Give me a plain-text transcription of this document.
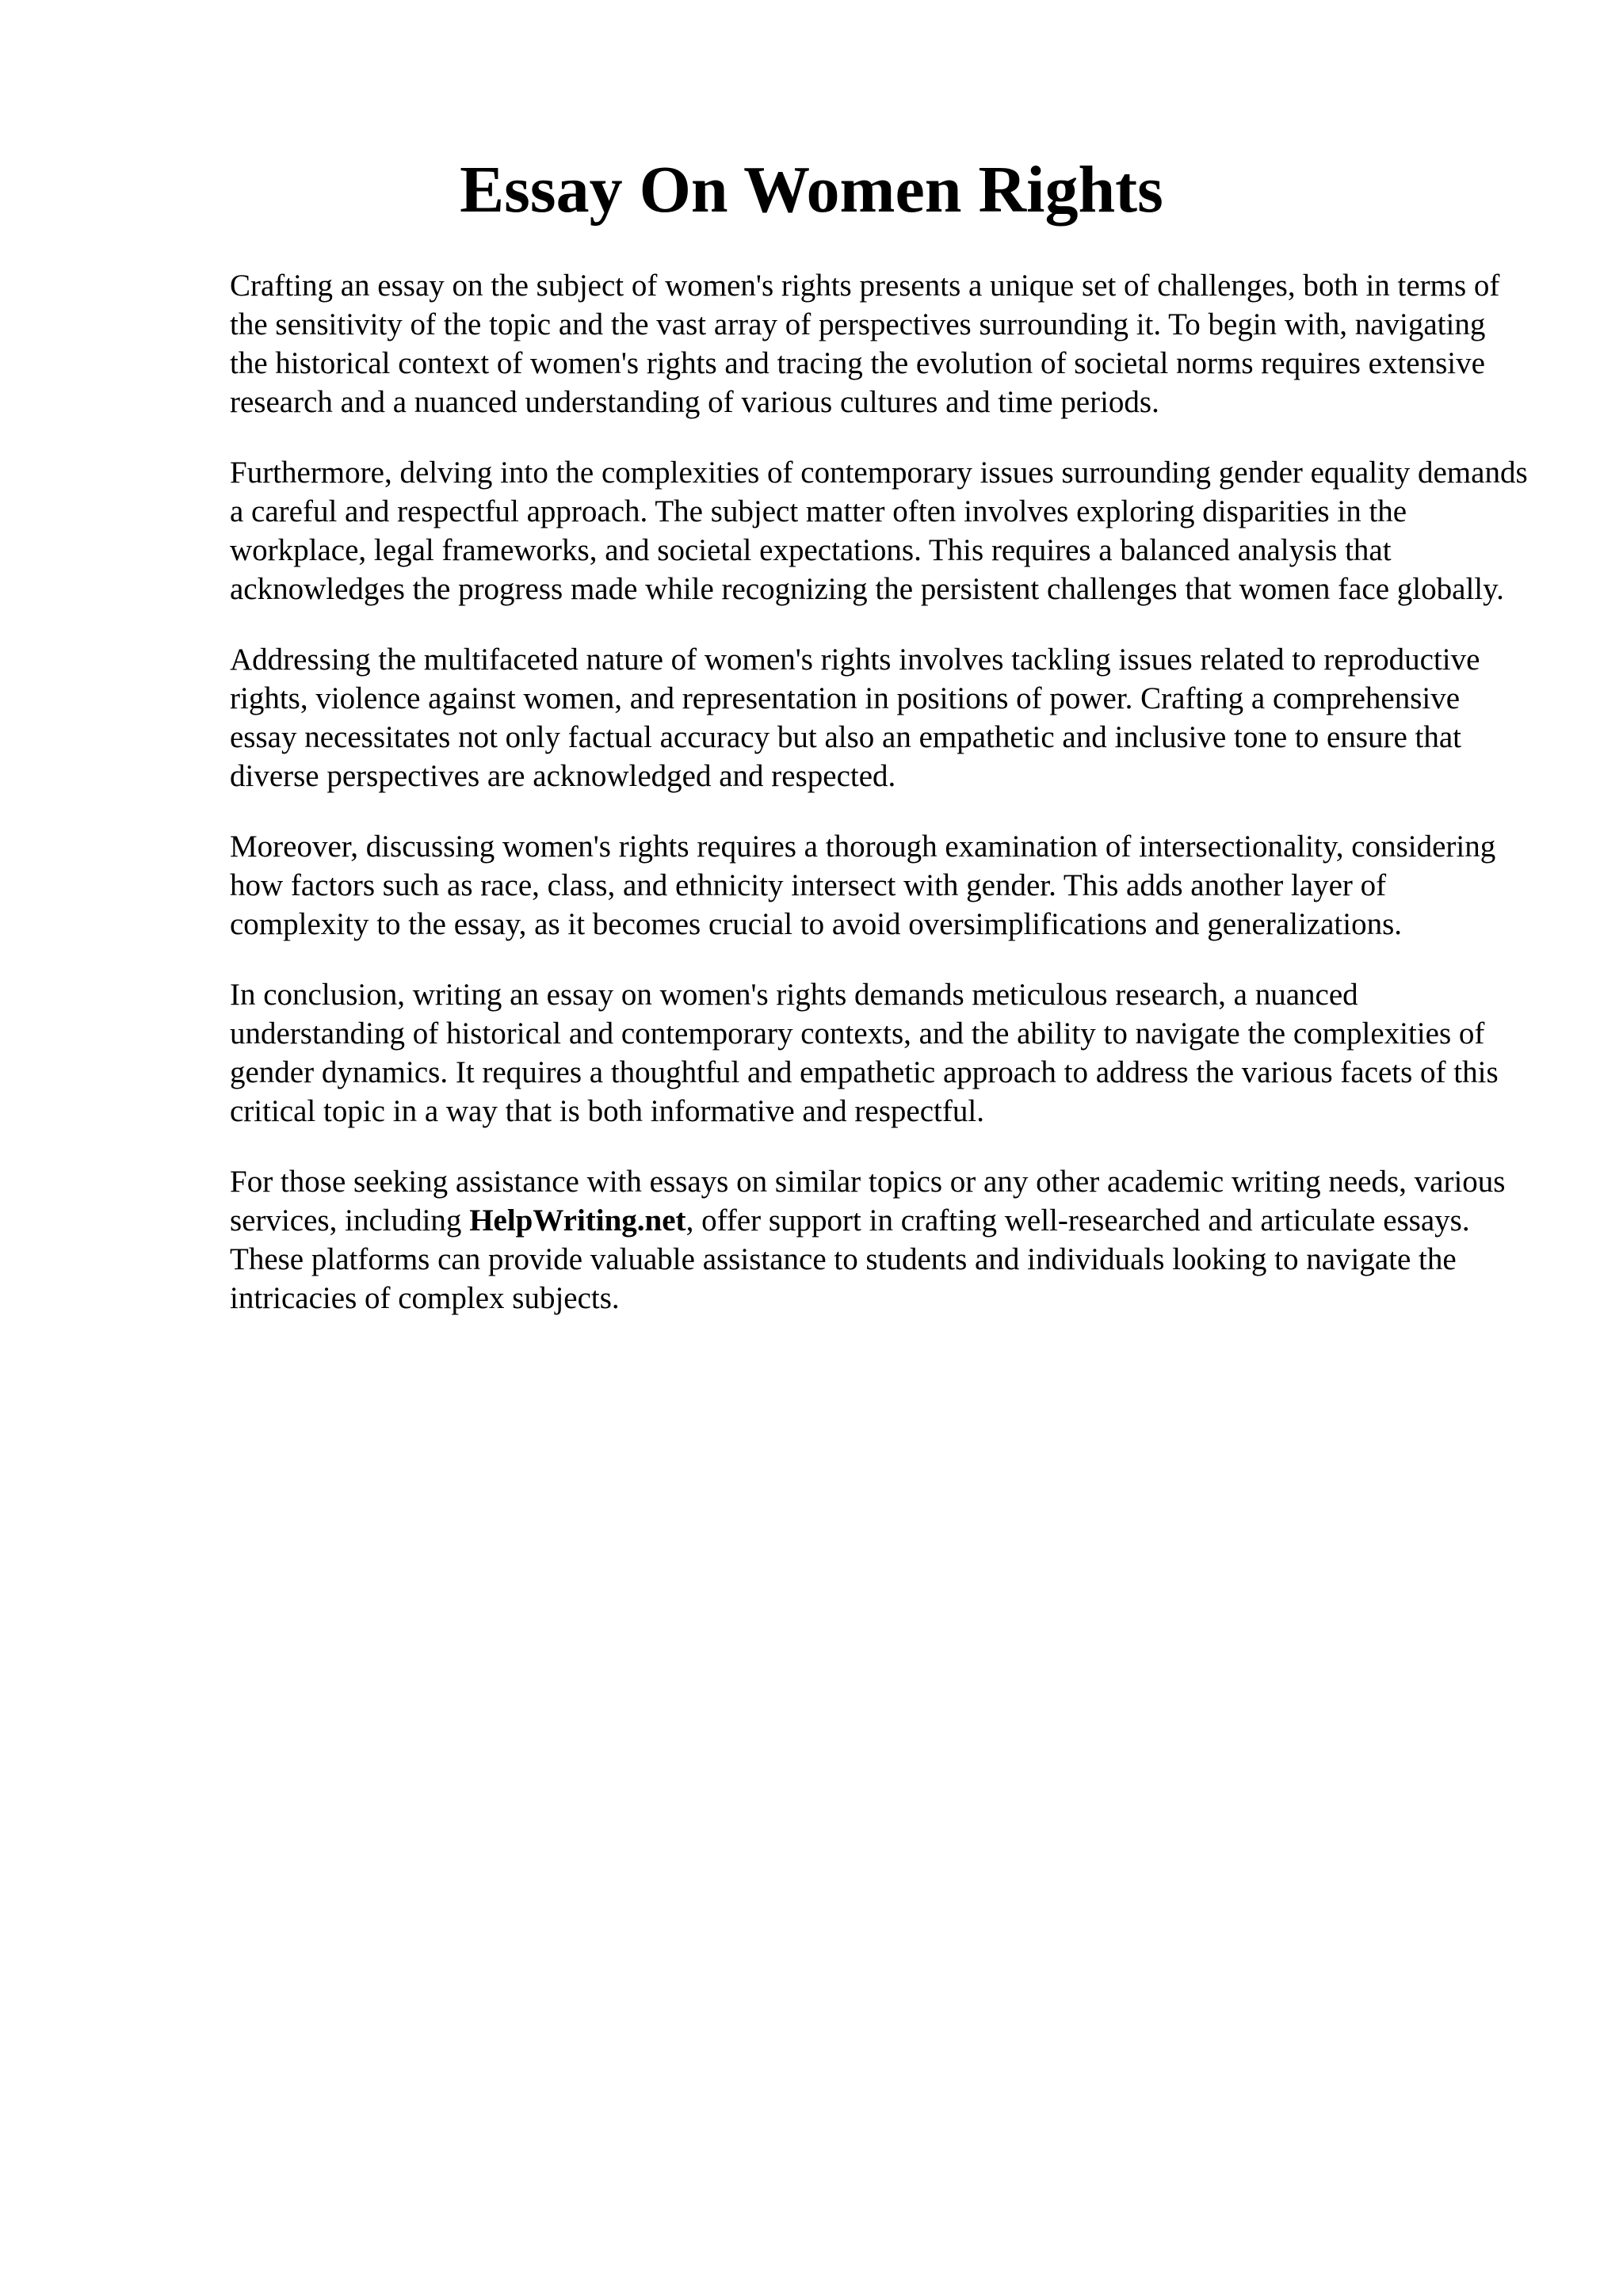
Essay On Women Rights

Crafting an essay on the subject of women's rights presents a unique set of challenges, both in terms of the sensitivity of the topic and the vast array of perspectives surrounding it. To begin with, navigating the historical context of women's rights and tracing the evolution of societal norms requires extensive research and a nuanced understanding of various cultures and time periods.

Furthermore, delving into the complexities of contemporary issues surrounding gender equality demands a careful and respectful approach. The subject matter often involves exploring disparities in the workplace, legal frameworks, and societal expectations. This requires a balanced analysis that acknowledges the progress made while recognizing the persistent challenges that women face globally.

Addressing the multifaceted nature of women's rights involves tackling issues related to reproductive rights, violence against women, and representation in positions of power. Crafting a comprehensive essay necessitates not only factual accuracy but also an empathetic and inclusive tone to ensure that diverse perspectives are acknowledged and respected.

Moreover, discussing women's rights requires a thorough examination of intersectionality, considering how factors such as race, class, and ethnicity intersect with gender. This adds another layer of complexity to the essay, as it becomes crucial to avoid oversimplifications and generalizations.

In conclusion, writing an essay on women's rights demands meticulous research, a nuanced understanding of historical and contemporary contexts, and the ability to navigate the complexities of gender dynamics. It requires a thoughtful and empathetic approach to address the various facets of this critical topic in a way that is both informative and respectful.

For those seeking assistance with essays on similar topics or any other academic writing needs, various services, including HelpWriting.net, offer support in crafting well-researched and articulate essays. These platforms can provide valuable assistance to students and individuals looking to navigate the intricacies of complex subjects.
